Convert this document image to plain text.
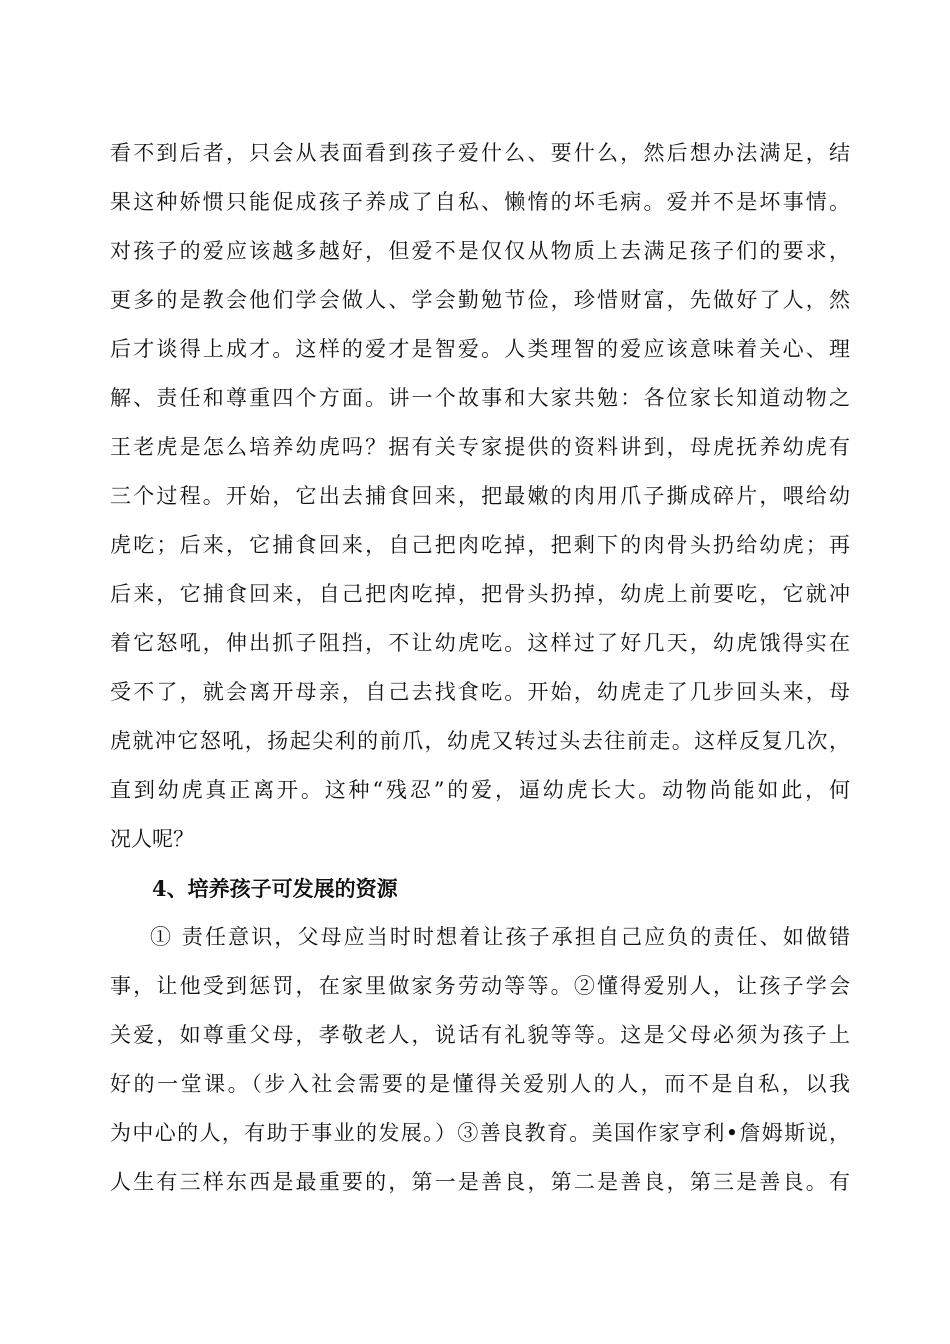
看不到后者，只会从表面看到孩子爱什么、要什么，然后想办法满足，结
果这种娇惯只能促成孩子养成了自私、懒惰的坏毛病。爱并不是坏事情。
对孩子的爱应该越多越好，但爱不是仅仅从物质上去满足孩子们的要求，
更多的是教会他们学会做人、学会勤勉节俭，珍惜财富，先做好了人，然
后才谈得上成才。这样的爱才是智爱。人类理智的爱应该意味着关心、理
解、责任和尊重四个方面。讲一个故事和大家共勉：各位家长知道动物之
王老虎是怎么培养幼虎吗？据有关专家提供的资料讲到，母虎抚养幼虎有
三个过程。开始，它出去捕食回来，把最嫩的肉用爪子撕成碎片，喂给幼
虎吃；后来，它捕食回来，自己把肉吃掉，把剩下的肉骨头扔给幼虎；再
后来，它捕食回来，自己把肉吃掉，把骨头扔掉，幼虎上前要吃，它就冲
着它怒吼，伸出抓子阻挡，不让幼虎吃。这样过了好几天，幼虎饿得实在
受不了，就会离开母亲，自己去找食吃。开始，幼虎走了几步回头来，母
虎就冲它怒吼，扬起尖利的前爪，幼虎又转过头去往前走。这样反复几次，
直到幼虎真正离开。这种“残忍”的爱，逼幼虎长大。动物尚能如此，何
况人呢？
4、培养孩子可发展的资源
① 责任意识，父母应当时时想着让孩子承担自己应负的责任、如做错
事，让他受到惩罚，在家里做家务劳动等等。②懂得爱别人，让孩子学会
关爱，如尊重父母，孝敬老人，说话有礼貌等等。这是父母必须为孩子上
好的一堂课。（步入社会需要的是懂得关爱别人的人，而不是自私，以我
为中心的人，有助于事业的发展。）③善良教育。美国作家亨利•詹姆斯说，
人生有三样东西是最重要的，第一是善良，第二是善良，第三是善良。有
